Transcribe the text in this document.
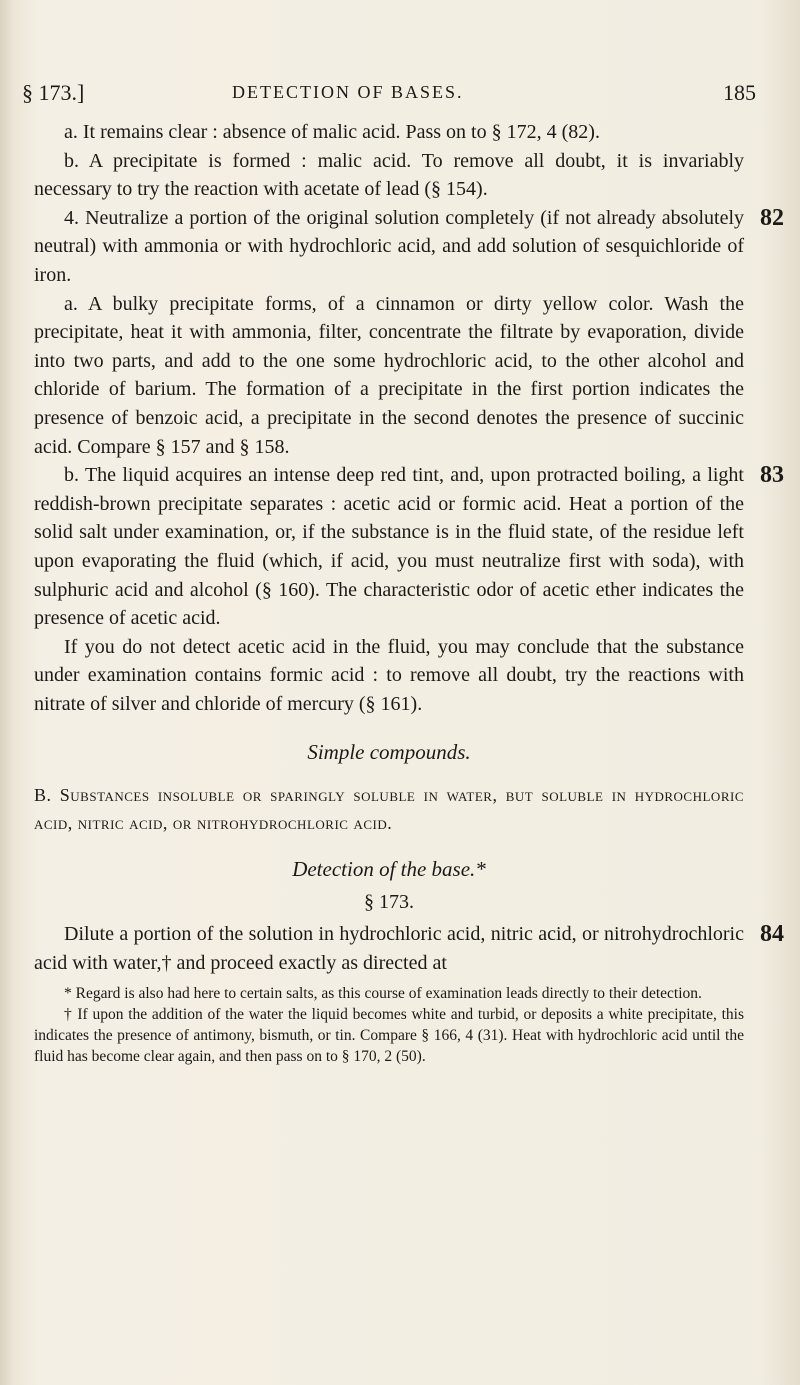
§ 173.]	DETECTION OF BASES.	185

a. It remains clear : absence of malic acid. Pass on to § 172, 4 (82).

b. A precipitate is formed : malic acid. To remove all doubt, it is invariably necessary to try the reaction with acetate of lead (§ 154).

82

4. Neutralize a portion of the original solution completely (if not already absolutely neutral) with ammonia or with hydrochloric acid, and add solution of sesquichloride of iron.

a. A bulky precipitate forms, of a cinnamon or dirty yellow color. Wash the precipitate, heat it with ammonia, filter, concentrate the filtrate by evaporation, divide into two parts, and add to the one some hydrochloric acid, to the other alcohol and chloride of barium. The formation of a precipitate in the first portion indicates the presence of benzoic acid, a precipitate in the second denotes the presence of succinic acid. Compare § 157 and § 158.

83

b. The liquid acquires an intense deep red tint, and, upon protracted boiling, a light reddish-brown precipitate separates : acetic acid or formic acid. Heat a portion of the solid salt under examination, or, if the substance is in the fluid state, of the residue left upon evaporating the fluid (which, if acid, you must neutralize first with soda), with sulphuric acid and alcohol (§ 160). The characteristic odor of acetic ether indicates the presence of acetic acid.

If you do not detect acetic acid in the fluid, you may conclude that the substance under examination contains formic acid : to remove all doubt, try the reactions with nitrate of silver and chloride of mercury (§ 161).

Simple compounds.

B. Substances insoluble or sparingly soluble in water, but soluble in hydrochloric acid, nitric acid, or nitrohydrochloric acid.

Detection of the base.*

§ 173.

84

Dilute a portion of the solution in hydrochloric acid, nitric acid, or nitrohydrochloric acid with water,† and proceed exactly as directed at

* Regard is also had here to certain salts, as this course of examination leads directly to their detection.

† If upon the addition of the water the liquid becomes white and turbid, or deposits a white precipitate, this indicates the presence of antimony, bismuth, or tin. Compare § 166, 4 (31). Heat with hydrochloric acid until the fluid has become clear again, and then pass on to § 170, 2 (50).
